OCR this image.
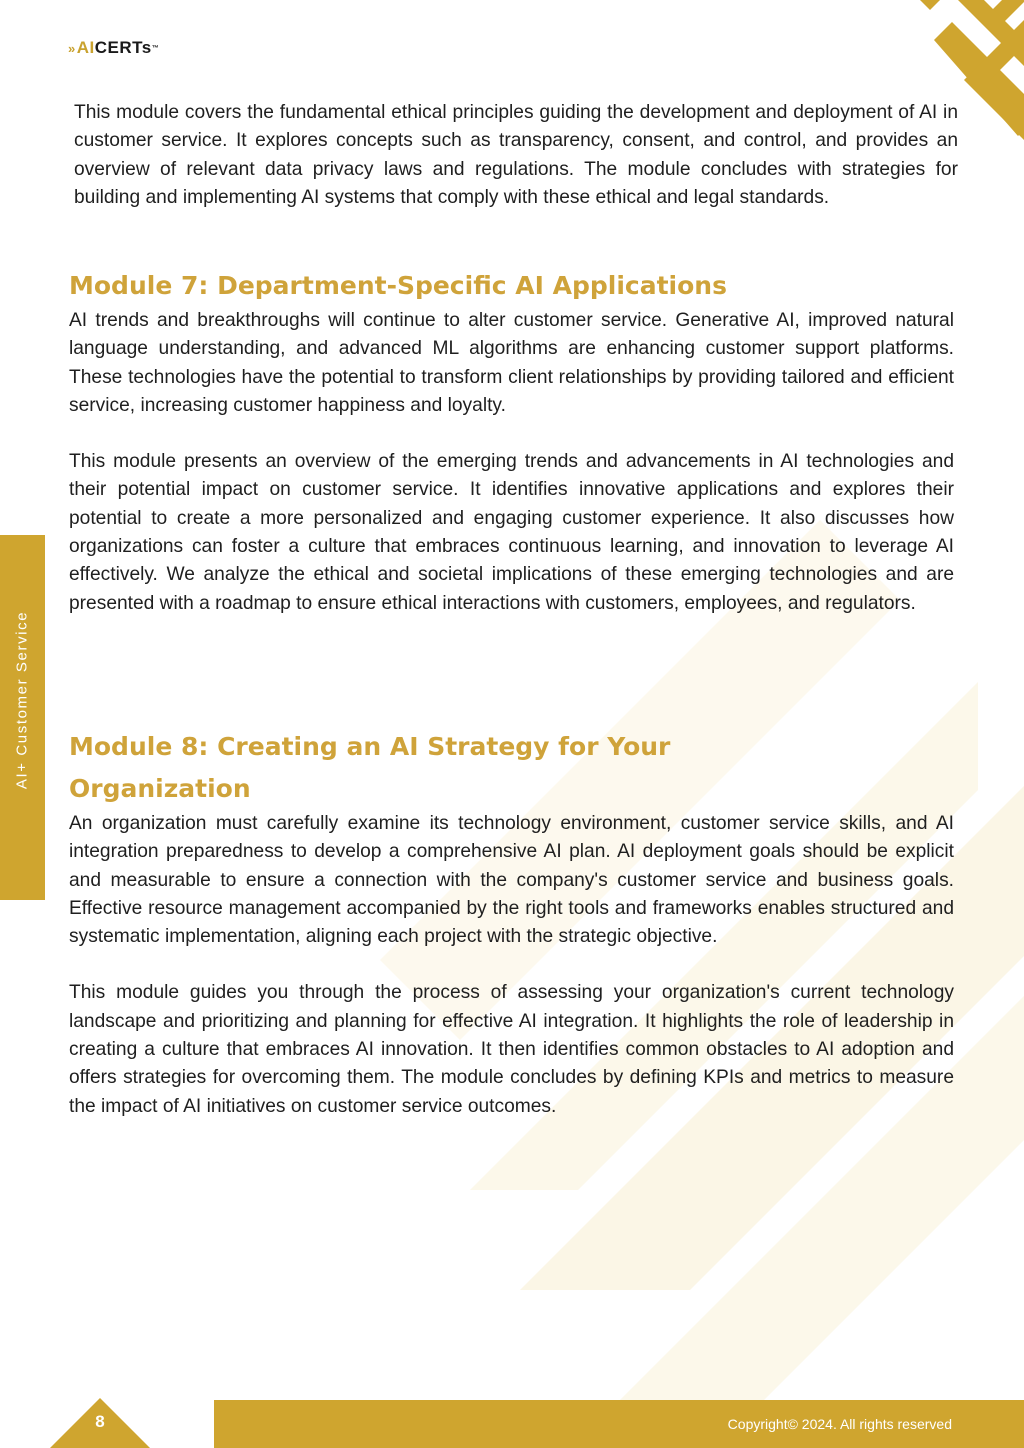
» AI CERTs ™
AI+ Customer Service

This module covers the fundamental ethical principles guiding the development and deployment of AI in customer service. It explores concepts such as transparency, consent, and control, and provides an overview of relevant data privacy laws and regulations. The module concludes with strategies for building and implementing AI systems that comply with these ethical and legal standards.

Module 7: Department-Specific AI Applications

AI trends and breakthroughs will continue to alter customer service. Generative AI, improved natural language understanding, and advanced ML algorithms are enhancing customer support platforms. These technologies have the potential to transform client relationships by providing tailored and efficient service, increasing customer happiness and loyalty.

This module presents an overview of the emerging trends and advancements in AI technologies and their potential impact on customer service. It identifies innovative applications and explores their potential to create a more personalized and engaging customer experience. It also discusses how organizations can foster a culture that embraces continuous learning, and innovation to leverage AI effectively. We analyze the ethical and societal implications of these emerging technologies and are presented with a roadmap to ensure ethical interactions with customers, employees, and regulators.

Module 8: Creating an AI Strategy for Your
Organization

An organization must carefully examine its technology environment, customer service skills, and AI integration preparedness to develop a comprehensive AI plan. AI deployment goals should be explicit and measurable to ensure a connection with the company's customer service and business goals. Effective resource management accompanied by the right tools and frameworks enables structured and systematic implementation, aligning each project with the strategic objective.

This module guides you through the process of assessing your organization's current technology landscape and prioritizing and planning for effective AI integration. It highlights the role of leadership in creating a culture that embraces AI innovation. It then identifies common obstacles to AI adoption and offers strategies for overcoming them. The module concludes by defining KPIs and metrics to measure the impact of AI initiatives on customer service outcomes.

8	Copyright© 2024. All rights reserved
